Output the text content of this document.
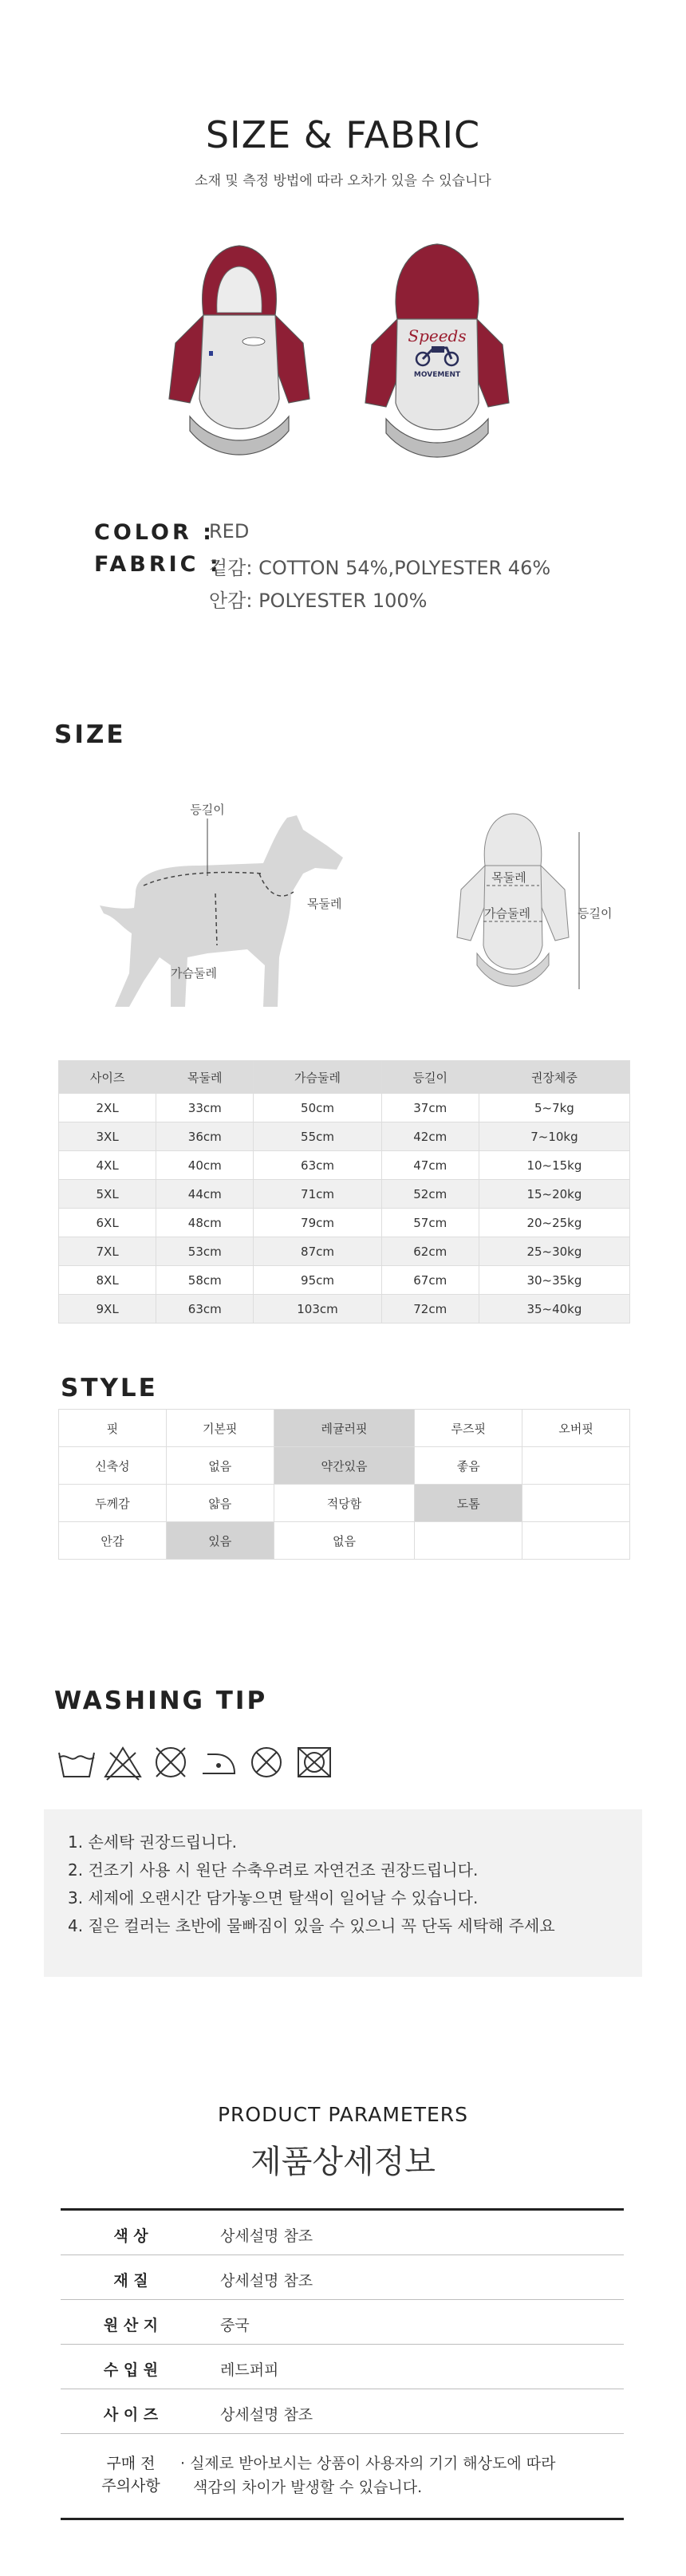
SIZE & FABRIC
소재 및 측정 방법에 따라 오차가 있을 수 있습니다
Speeds
MOVEMENT
COLOR :
RED
FABRIC :
겉감: COTTON 54%,POLYESTER 46%
안감: POLYESTER 100%
SIZE
등길이
목둘레
가슴둘레
목둘레
가슴둘레	등길이
사이즈	목둘레	가슴둘레	등길이	권장체중
2XL	33cm	50cm	37cm	5~7kg
3XL	36cm	55cm	42cm	7~10kg
4XL	40cm	63cm	47cm	10~15kg
5XL	44cm	71cm	52cm	15~20kg
6XL	48cm	79cm	57cm	20~25kg
7XL	53cm	87cm	62cm	25~30kg
8XL	58cm	95cm	67cm	30~35kg
9XL	63cm	103cm	72cm	35~40kg
STYLE
핏	기본핏	레귤러핏	루즈핏	오버핏
신축성	없음	약간있음	좋음	
두께감	얇음	적당함	도톰	
안감	있음	없음		
WASHING TIP
1. 손세탁 권장드립니다.
2. 건조기 사용 시 원단 수축우려로 자연건조 권장드립니다.
3. 세제에 오랜시간 담가놓으면 탈색이 일어날 수 있습니다.
4. 짙은 컬러는 초반에 물빠짐이 있을 수 있으니 꼭 단독 세탁해 주세요
PRODUCT PARAMETERS
제품상세정보
색 상	상세설명 참조
재 질	상세설명 참조
원 산 지	중국
수 입 원	레드퍼피
사 이 즈	상세설명 참조
구매 전
주의사항
· 실제로 받아보시는 상품이 사용자의 기기 해상도에 따라
색감의 차이가 발생할 수 있습니다.
